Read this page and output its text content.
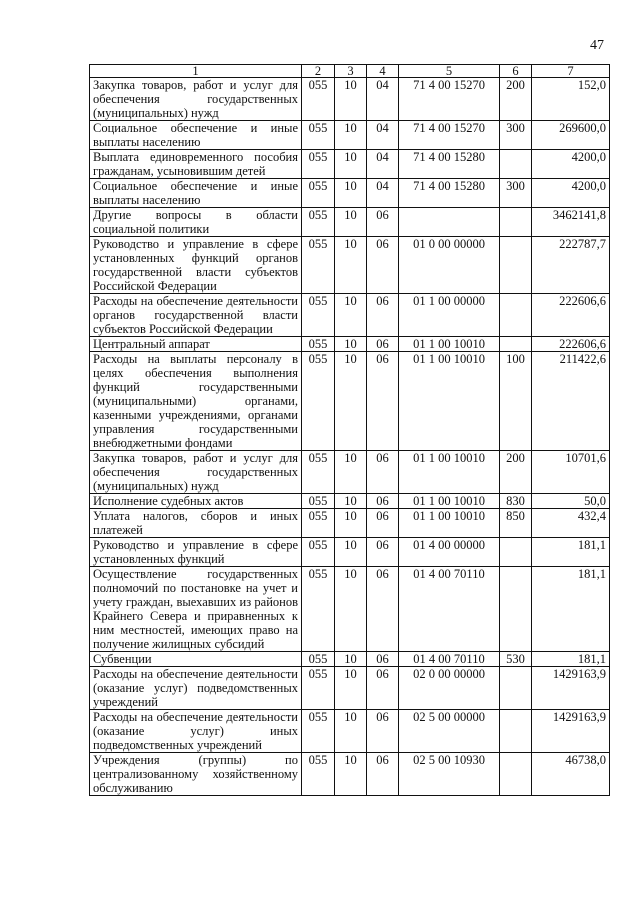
47
1	2	3	4	5	6	7
Закупка товаров, работ и услуг для обеспечения государственных (муниципальных) нужд	055	10	04	71 4 00 15270	200	152,0
Социальное обеспечение и иные выплаты населению	055	10	04	71 4 00 15270	300	269600,0
Выплата единовременного пособия гражданам, усыновившим детей	055	10	04	71 4 00 15280		4200,0
Социальное обеспечение и иные выплаты населению	055	10	04	71 4 00 15280	300	4200,0
Другие вопросы в области социальной политики	055	10	06			3462141,8
Руководство и управление в сфере установленных функций органов государственной власти субъектов Российской Федерации	055	10	06	01 0 00 00000		222787,7
Расходы на обеспечение деятельности органов государственной власти субъектов Российской Федерации	055	10	06	01 1 00 00000		222606,6
Центральный аппарат	055	10	06	01 1 00 10010		222606,6
Расходы на выплаты персоналу в целях обеспечения выполнения функций государственными (муниципальными) органами, казенными учреждениями, органами управления государственными внебюджетными фондами	055	10	06	01 1 00 10010	100	211422,6
Закупка товаров, работ и услуг для обеспечения государственных (муниципальных) нужд	055	10	06	01 1 00 10010	200	10701,6
Исполнение судебных актов	055	10	06	01 1 00 10010	830	50,0
Уплата налогов, сборов и иных платежей	055	10	06	01 1 00 10010	850	432,4
Руководство и управление в сфере установленных функций	055	10	06	01 4 00 00000		181,1
Осуществление государственных полномочий по постановке на учет и учету граждан, выехавших из районов Крайнего Севера и приравненных к ним местностей, имеющих право на получение жилищных субсидий	055	10	06	01 4 00 70110		181,1
Субвенции	055	10	06	01 4 00 70110	530	181,1
Расходы на обеспечение деятельности (оказание услуг) подведомственных учреждений	055	10	06	02 0 00 00000		1429163,9
Расходы на обеспечение деятельности (оказание услуг) иных подведомственных учреждений	055	10	06	02 5 00 00000		1429163,9
Учреждения (группы) по централизованному хозяйственному обслуживанию	055	10	06	02 5 00 10930		46738,0
